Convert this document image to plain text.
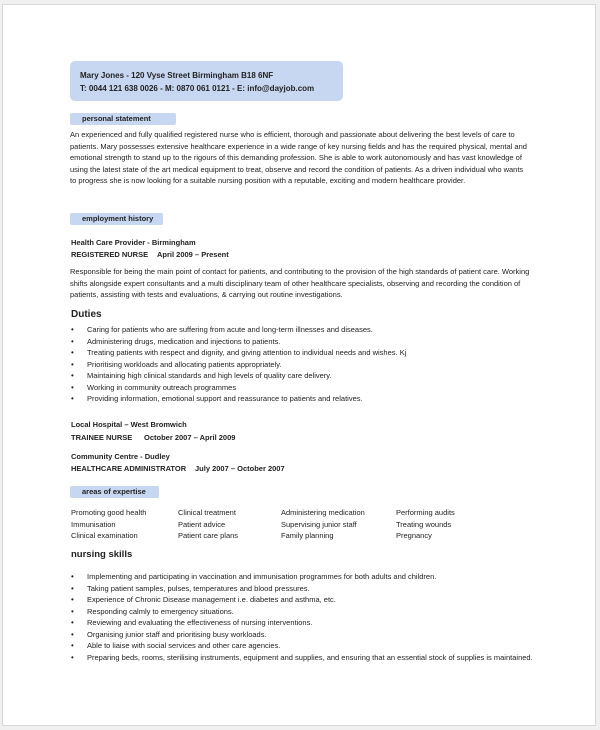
Mary Jones - 120 Vyse Street Birmingham B18 6NF
T: 0044 121 638 0026 - M: 0870 061 0121 - E: info@dayjob.com
personal statement
An experienced and fully qualified registered nurse who is efficient, thorough and passionate about delivering the best levels of care to patients. Mary possesses extensive healthcare experience in a wide range of key nursing fields and has the required physical, mental and emotional strength to stand up to the rigours of this demanding profession. She is able to work autonomously and has vast knowledge of using the latest state of the art medical equipment to treat, observe and record the condition of patients. As a driven individual who wants to progress she is now looking for a suitable nursing position with a reputable, exciting and modern healthcare provider.
employment history
Health Care Provider - Birmingham
REGISTERED NURSE April 2009 – Present
Responsible for being the main point of contact for patients, and contributing to the provision of the high standards of patient care. Working shifts alongside expert consultants and a multi disciplinary team of other healthcare specialists, observing and recording the condition of patients, assisting with tests and evaluations, & carrying out routine investigations.
Duties
• Caring for patients who are suffering from acute and long-term illnesses and diseases.
• Administering drugs, medication and injections to patients.
• Treating patients with respect and dignity, and giving attention to individual needs and wishes. Kj
• Prioritising workloads and allocating patients appropriately.
• Maintaining high clinical standards and high levels of quality care delivery.
• Working in community outreach programmes
• Providing information, emotional support and reassurance to patients and relatives.
Local Hospital – West Bromwich
TRAINEE NURSE October 2007 – April 2009
Community Centre - Dudley
HEALTHCARE ADMINISTRATOR July 2007 – October 2007
areas of expertise
Promoting good health
Immunisation
Clinical examination
Clinical treatment
Patient advice
Patient care plans
Administering medication
Supervising junior staff
Family planning
Performing audits
Treating wounds
Pregnancy
nursing skills
• Implementing and participating in vaccination and immunisation programmes for both adults and children.
• Taking patient samples, pulses, temperatures and blood pressures.
• Experience of Chronic Disease management i.e. diabetes and asthma, etc.
• Responding calmly to emergency situations.
• Reviewing and evaluating the effectiveness of nursing interventions.
• Organising junior staff and prioritising busy workloads.
• Able to liaise with social services and other care agencies.
• Preparing beds, rooms, sterilising instruments, equipment and supplies, and ensuring that an essential stock of supplies is maintained.
